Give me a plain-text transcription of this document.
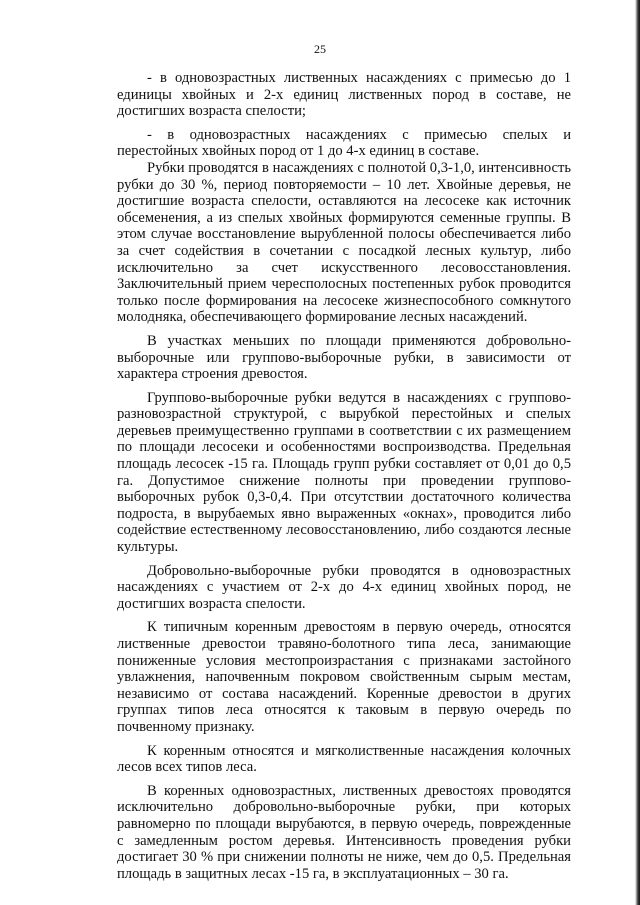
25

- в одновозрастных лиственных насаждениях с примесью до 1 единицы хвойных и 2-х единиц лиственных пород в составе, не достигших возраста спелости;

- в одновозрастных насаждениях с примесью спелых и перестойных хвойных пород от 1 до 4-х единиц в составе.

Рубки проводятся в насаждениях с полнотой 0,3-1,0, интенсивность рубки до 30 %, период повторяемости – 10 лет. Хвойные деревья, не достигшие возраста спелости, оставляются на лесосеке как источник обсеменения, а из спелых хвойных формируются семенные группы. В этом случае восстановление вырубленной полосы обеспечивается либо за счет содействия в сочетании с посадкой лесных культур, либо исключительно за счет искусственного лесовосстановления. Заключительный прием чересполосных постепенных рубок проводится только после формирования на лесосеке жизнеспособного сомкнутого молодняка, обеспечивающего формирование лесных насаждений.

В участках меньших по площади применяются добровольно-выборочные или группово-выборочные рубки, в зависимости от характера строения древостоя.

Группово-выборочные рубки ведутся в насаждениях с группово-разновозрастной структурой, с вырубкой перестойных и спелых деревьев преимущественно группами в соответствии с их размещением по площади лесосеки и особенностями воспроизводства. Предельная площадь лесосек -15 га. Площадь групп рубки составляет от 0,01 до 0,5 га. Допустимое снижение полноты при проведении группово-выборочных рубок 0,3-0,4. При отсутствии достаточного количества подроста, в вырубаемых явно выраженных «окнах», проводится либо содействие естественному лесовосстановлению, либо создаются лесные культуры.

Добровольно-выборочные рубки проводятся в одновозрастных насаждениях с участием от 2-х до 4-х единиц хвойных пород, не достигших возраста спелости.

К типичным коренным древостоям в первую очередь, относятся лиственные древостои травяно-болотного типа леса, занимающие пониженные условия местопроизрастания с признаками застойного увлажнения, напочвенным покровом свойственным сырым местам, независимо от состава насаждений. Коренные древостои в других группах типов леса относятся к таковым в первую очередь по почвенному признаку.

К коренным относятся и мягколиственные насаждения колочных лесов всех типов леса.

В коренных одновозрастных, лиственных древостоях проводятся исключительно добровольно-выборочные рубки, при которых равномерно по площади вырубаются, в первую очередь, поврежденные с замедленным ростом деревья. Интенсивность проведения рубки достигает 30 % при снижении полноты не ниже, чем до 0,5. Предельная площадь в защитных лесах -15 га, в эксплуатационных – 30 га.
